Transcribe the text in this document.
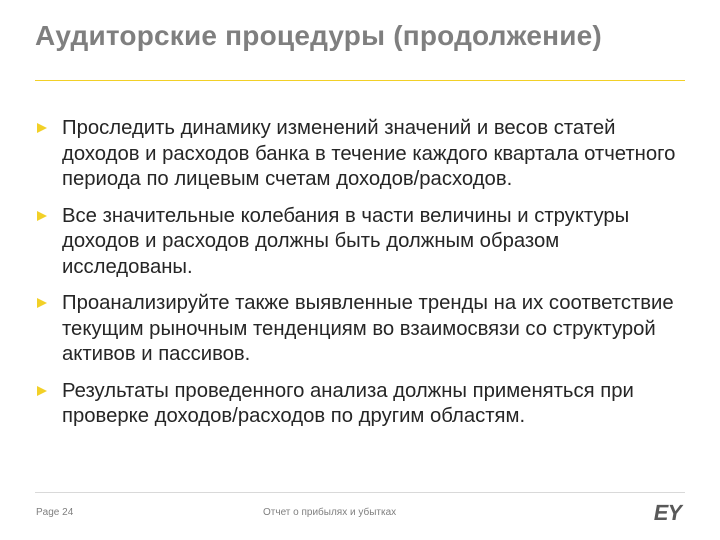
Аудиторские процедуры (продолжение)
Проследить динамику изменений значений и весов статей доходов и расходов банка в течение каждого квартала отчетного периода по лицевым счетам доходов/расходов.
Все значительные колебания в части величины и структуры доходов и расходов должны быть должным образом исследованы.
Проанализируйте также выявленные тренды на их соответствие текущим рыночным тенденциям во взаимосвязи со структурой активов и пассивов.
Результаты проведенного анализа должны применяться при проверке доходов/расходов по другим областям.
Page 24	Отчет о прибылях и убытках	EY
